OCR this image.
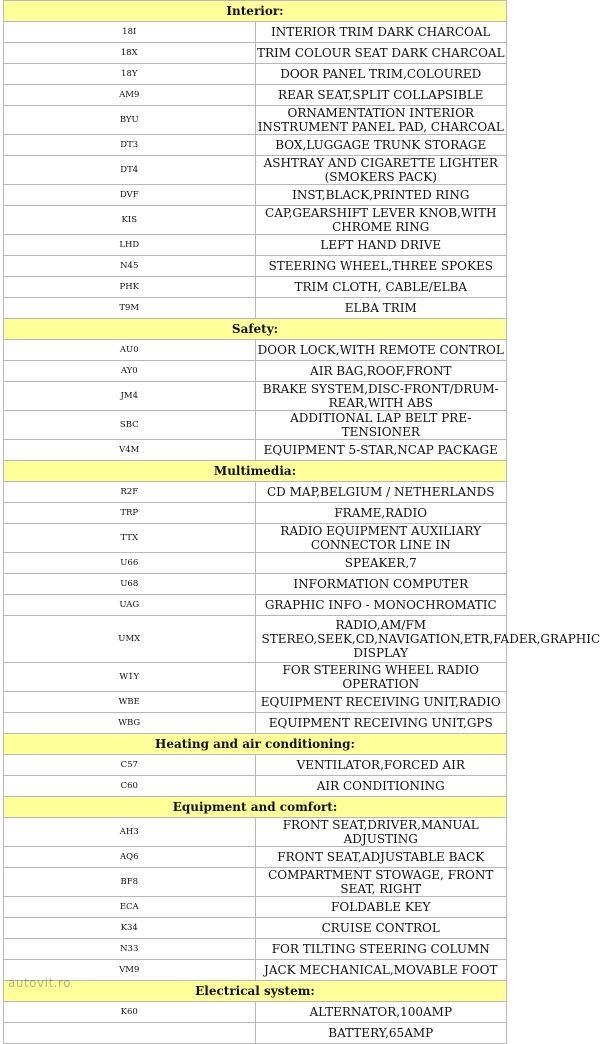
Interior:	
18I	INTERIOR TRIM DARK CHARCOAL
18X	TRIM COLOUR SEAT DARK CHARCOAL
18Y	DOOR PANEL TRIM,COLOURED
AM9	REAR SEAT,SPLIT COLLAPSIBLE
BYU	ORNAMENTATION INTERIOR INSTRUMENT PANEL PAD, CHARCOAL
DT3	BOX,LUGGAGE TRUNK STORAGE
DT4	ASHTRAY AND CIGARETTE LIGHTER (SMOKERS PACK)
DVF	INST,BLACK,PRINTED RING
KIS	CAP,GEARSHIFT LEVER KNOB,WITH CHROME RING
LHD	LEFT HAND DRIVE
N45	STEERING WHEEL,THREE SPOKES
PHK	TRIM CLOTH, CABLE/ELBA
T9M	ELBA TRIM
Safety:	
AU0	DOOR LOCK,WITH REMOTE CONTROL
AY0	AIR BAG,ROOF,FRONT
JM4	BRAKE SYSTEM,DISC-FRONT/DRUM-REAR,WITH ABS
SBC	ADDITIONAL LAP BELT PRE-TENSIONER
V4M	EQUIPMENT 5-STAR,NCAP PACKAGE
Multimedia:	
R2F	CD MAP,BELGIUM / NETHERLANDS
TRP	FRAME,RADIO
TTX	RADIO EQUIPMENT AUXILIARY CONNECTOR LINE IN
U66	SPEAKER,7
U68	INFORMATION COMPUTER
UAG	GRAPHIC INFO - MONOCHROMATIC
UMX	RADIO,AM/FM STEREO,SEEK,CD,NAVIGATION,ETR,FADER,GRAPHIC DISPLAY
W1Y	FOR STEERING WHEEL RADIO OPERATION
WBE	EQUIPMENT RECEIVING UNIT,RADIO
WBG	EQUIPMENT RECEIVING UNIT,GPS
Heating and air conditioning:	
C57	VENTILATOR,FORCED AIR
C60	AIR CONDITIONING
Equipment and comfort:	
AH3	FRONT SEAT,DRIVER,MANUAL ADJUSTING
AQ6	FRONT SEAT,ADJUSTABLE BACK
BF8	COMPARTMENT STOWAGE, FRONT SEAT, RIGHT
ECA	FOLDABLE KEY
K34	CRUISE CONTROL
N33	FOR TILTING STEERING COLUMN
VM9	JACK MECHANICAL,MOVABLE FOOT
Electrical system:	
K60	ALTERNATOR,100AMP
	BATTERY,65AMP
autovit.ro
